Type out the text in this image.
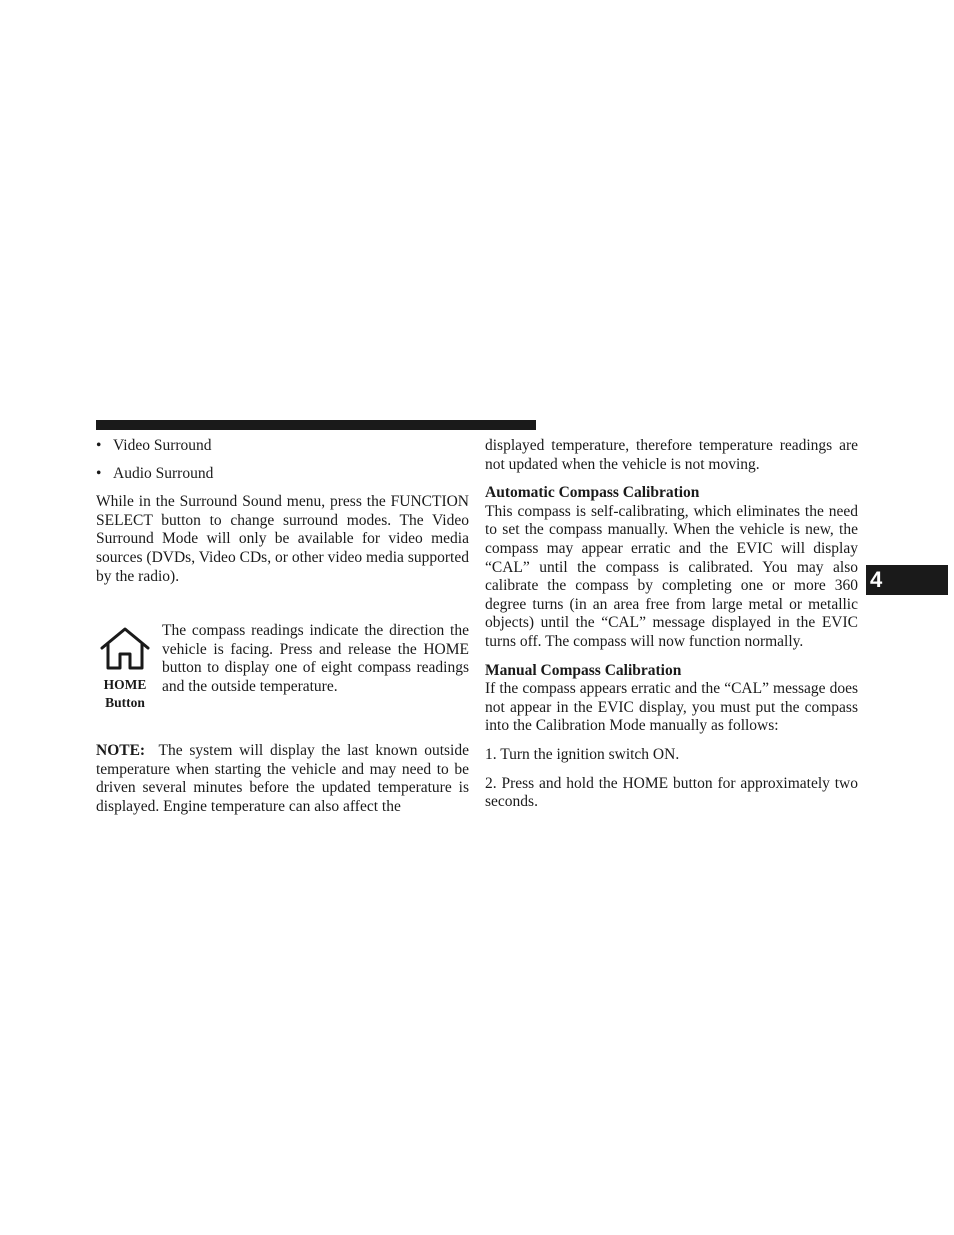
4
• Video Surround
• Audio Surround

While in the Surround Sound menu, press the FUNCTION SELECT button to change surround modes. The Video Surround Mode will only be available for video media sources (DVDs, Video CDs, or other video media supported by the radio).

HOME
Button

The compass readings indicate the direction the vehicle is facing. Press and release the HOME button to display one of eight compass readings and the outside temperature.

NOTE: The system will display the last known outside temperature when starting the vehicle and may need to be driven several minutes before the updated temperature is displayed. Engine temperature can also affect the

displayed temperature, therefore temperature readings are not updated when the vehicle is not moving.

Automatic Compass Calibration

This compass is self-calibrating, which eliminates the need to set the compass manually. When the vehicle is new, the compass may appear erratic and the EVIC will display “CAL” until the compass is calibrated. You may also calibrate the compass by completing one or more 360 degree turns (in an area free from large metal or metallic objects) until the “CAL” message displayed in the EVIC turns off. The compass will now function normally.

Manual Compass Calibration

If the compass appears erratic and the “CAL” message does not appear in the EVIC display, you must put the compass into the Calibration Mode manually as follows:

1. Turn the ignition switch ON.

2. Press and hold the HOME button for approximately two seconds.
